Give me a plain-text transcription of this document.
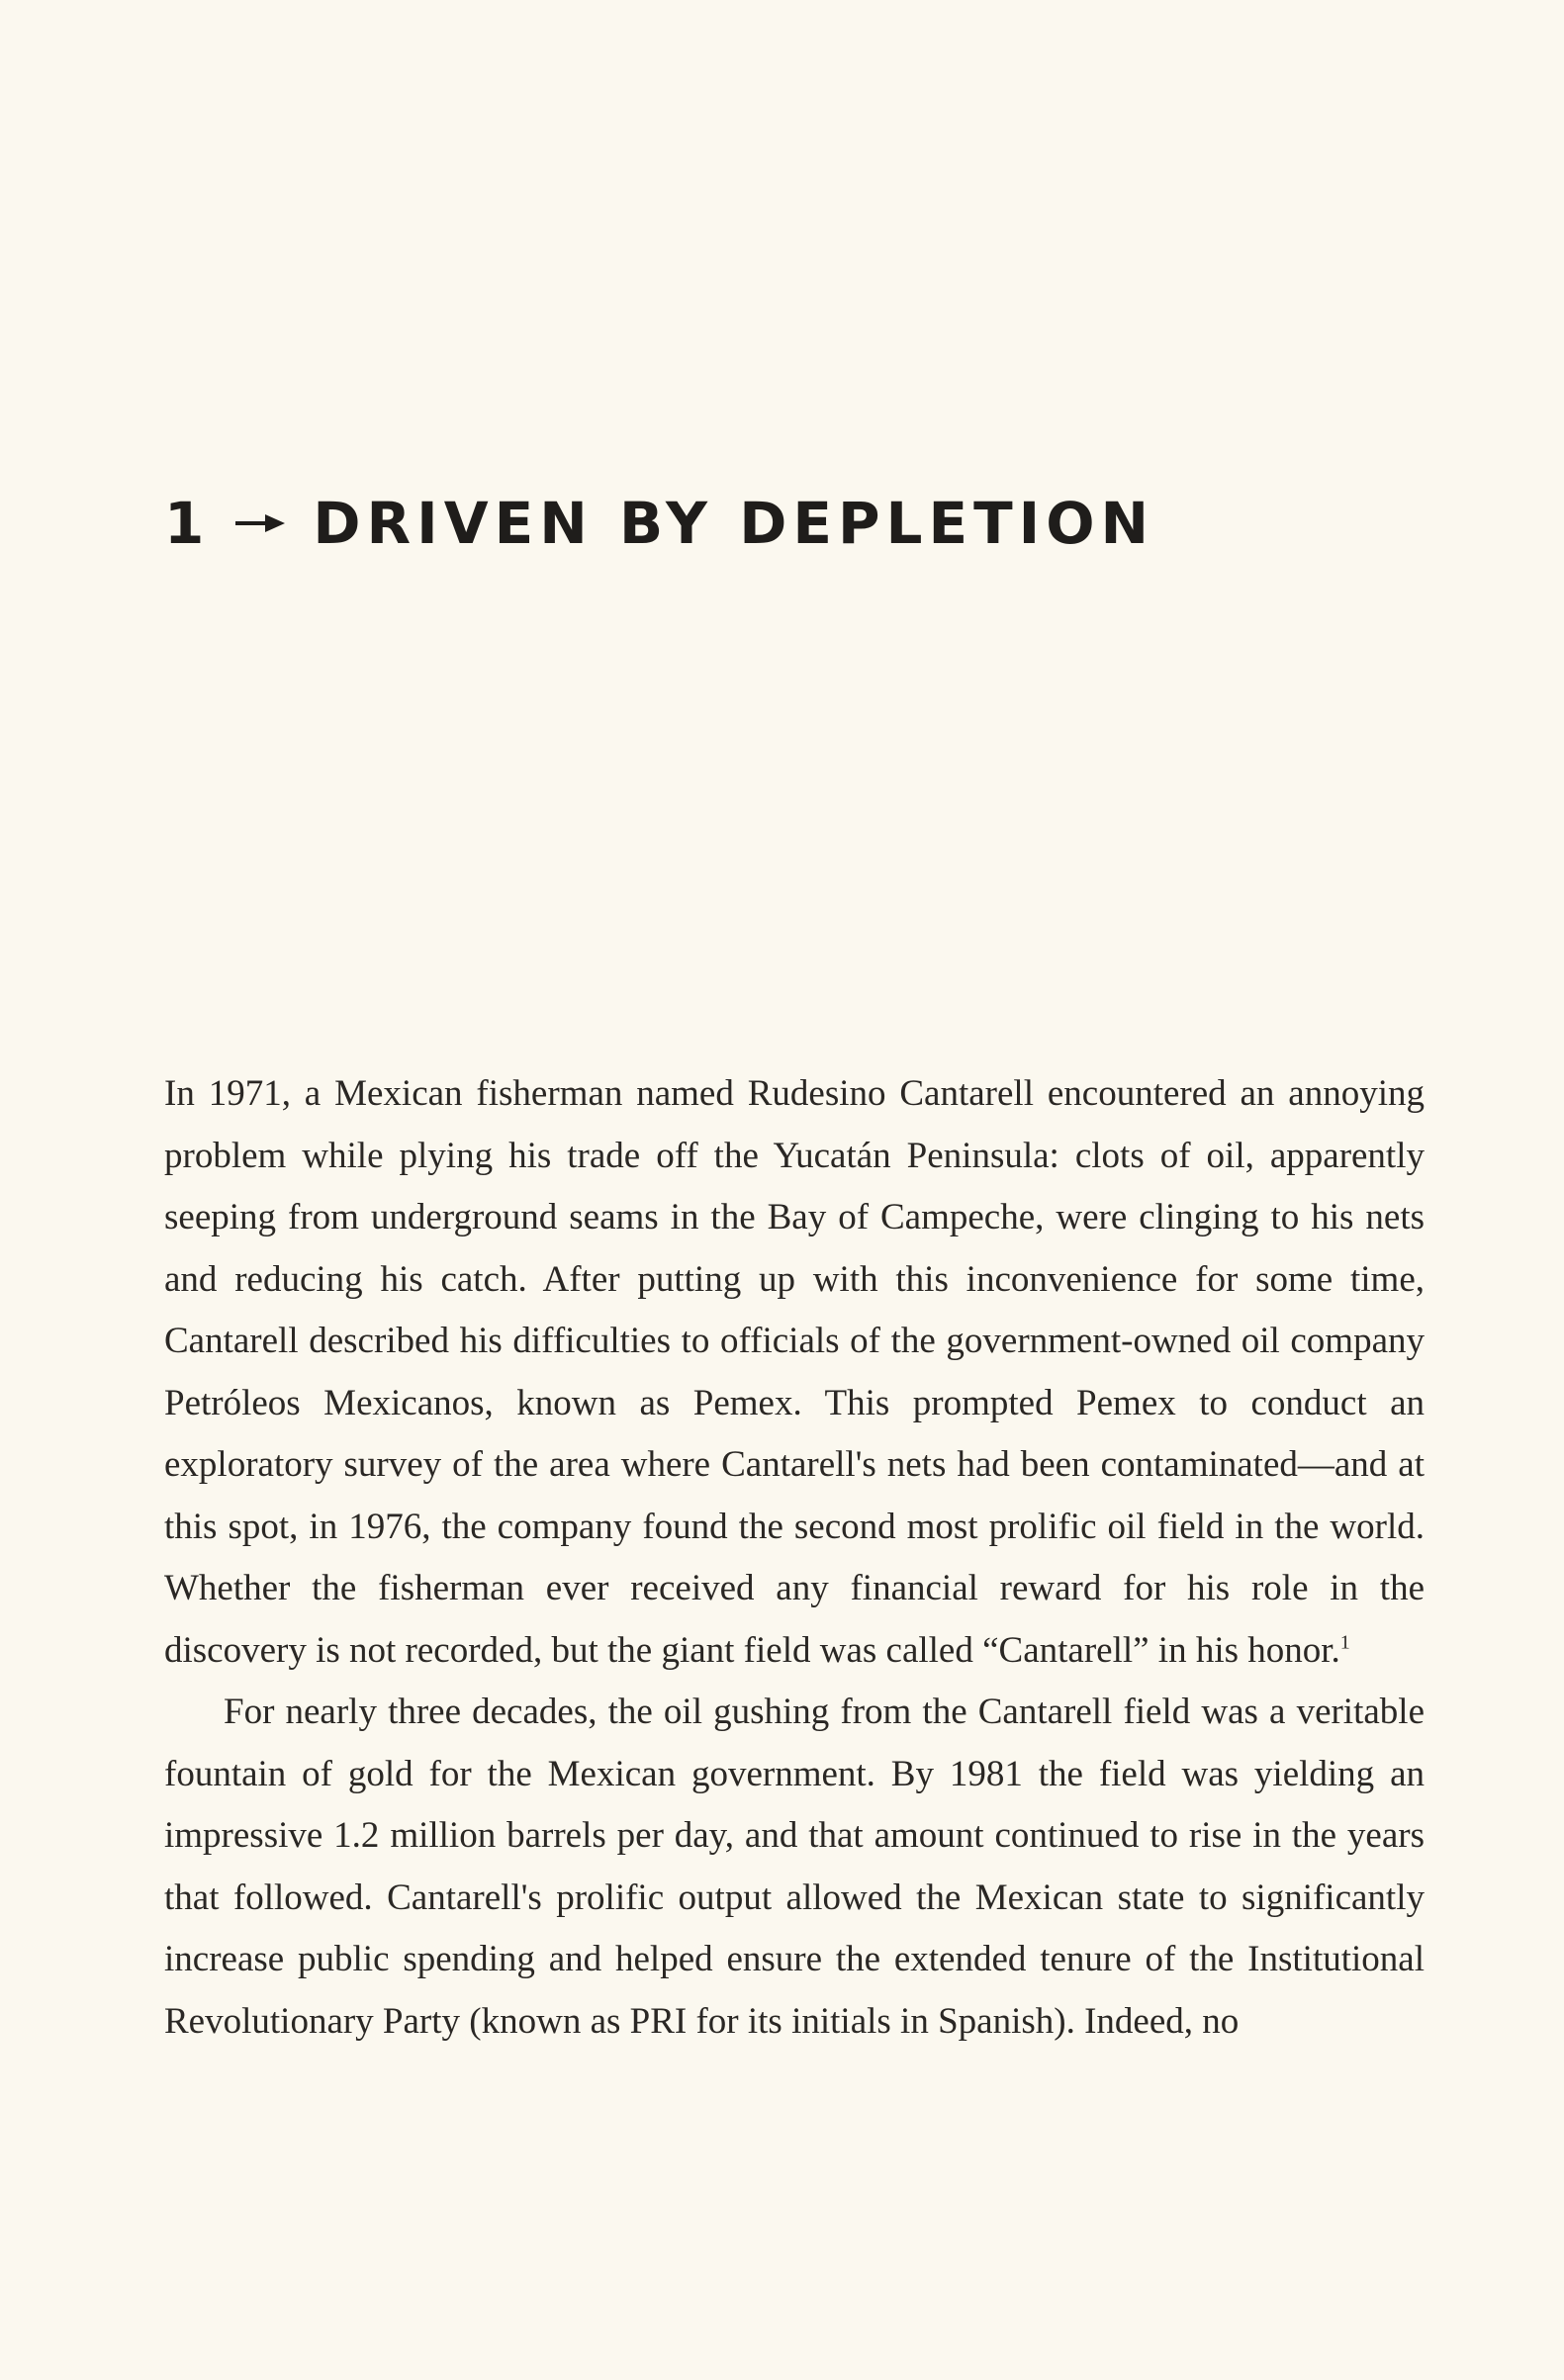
1 DRIVEN BY DEPLETION

In 1971, a Mexican fisherman named Rudesino Cantarell encountered an annoying problem while plying his trade off the Yucatán Peninsula: clots of oil, apparently seeping from underground seams in the Bay of Campeche, were clinging to his nets and reducing his catch. After putting up with this inconvenience for some time, Cantarell described his difficulties to officials of the government-owned oil company Petróleos Mexicanos, known as Pemex. This prompted Pemex to conduct an exploratory survey of the area where Cantarell's nets had been contaminated—and at this spot, in 1976, the company found the second most prolific oil field in the world. Whether the fisherman ever received any financial reward for his role in the discovery is not recorded, but the giant field was called “Cantarell” in his honor.$^1$

For nearly three decades, the oil gushing from the Cantarell field was a veritable fountain of gold for the Mexican government. By 1981 the field was yielding an impressive 1.2 million barrels per day, and that amount continued to rise in the years that followed. Cantarell's prolific output allowed the Mexican state to significantly increase public spending and helped ensure the extended tenure of the Institutional Revolutionary Party (known as PRI for its initials in Spanish). Indeed, no
